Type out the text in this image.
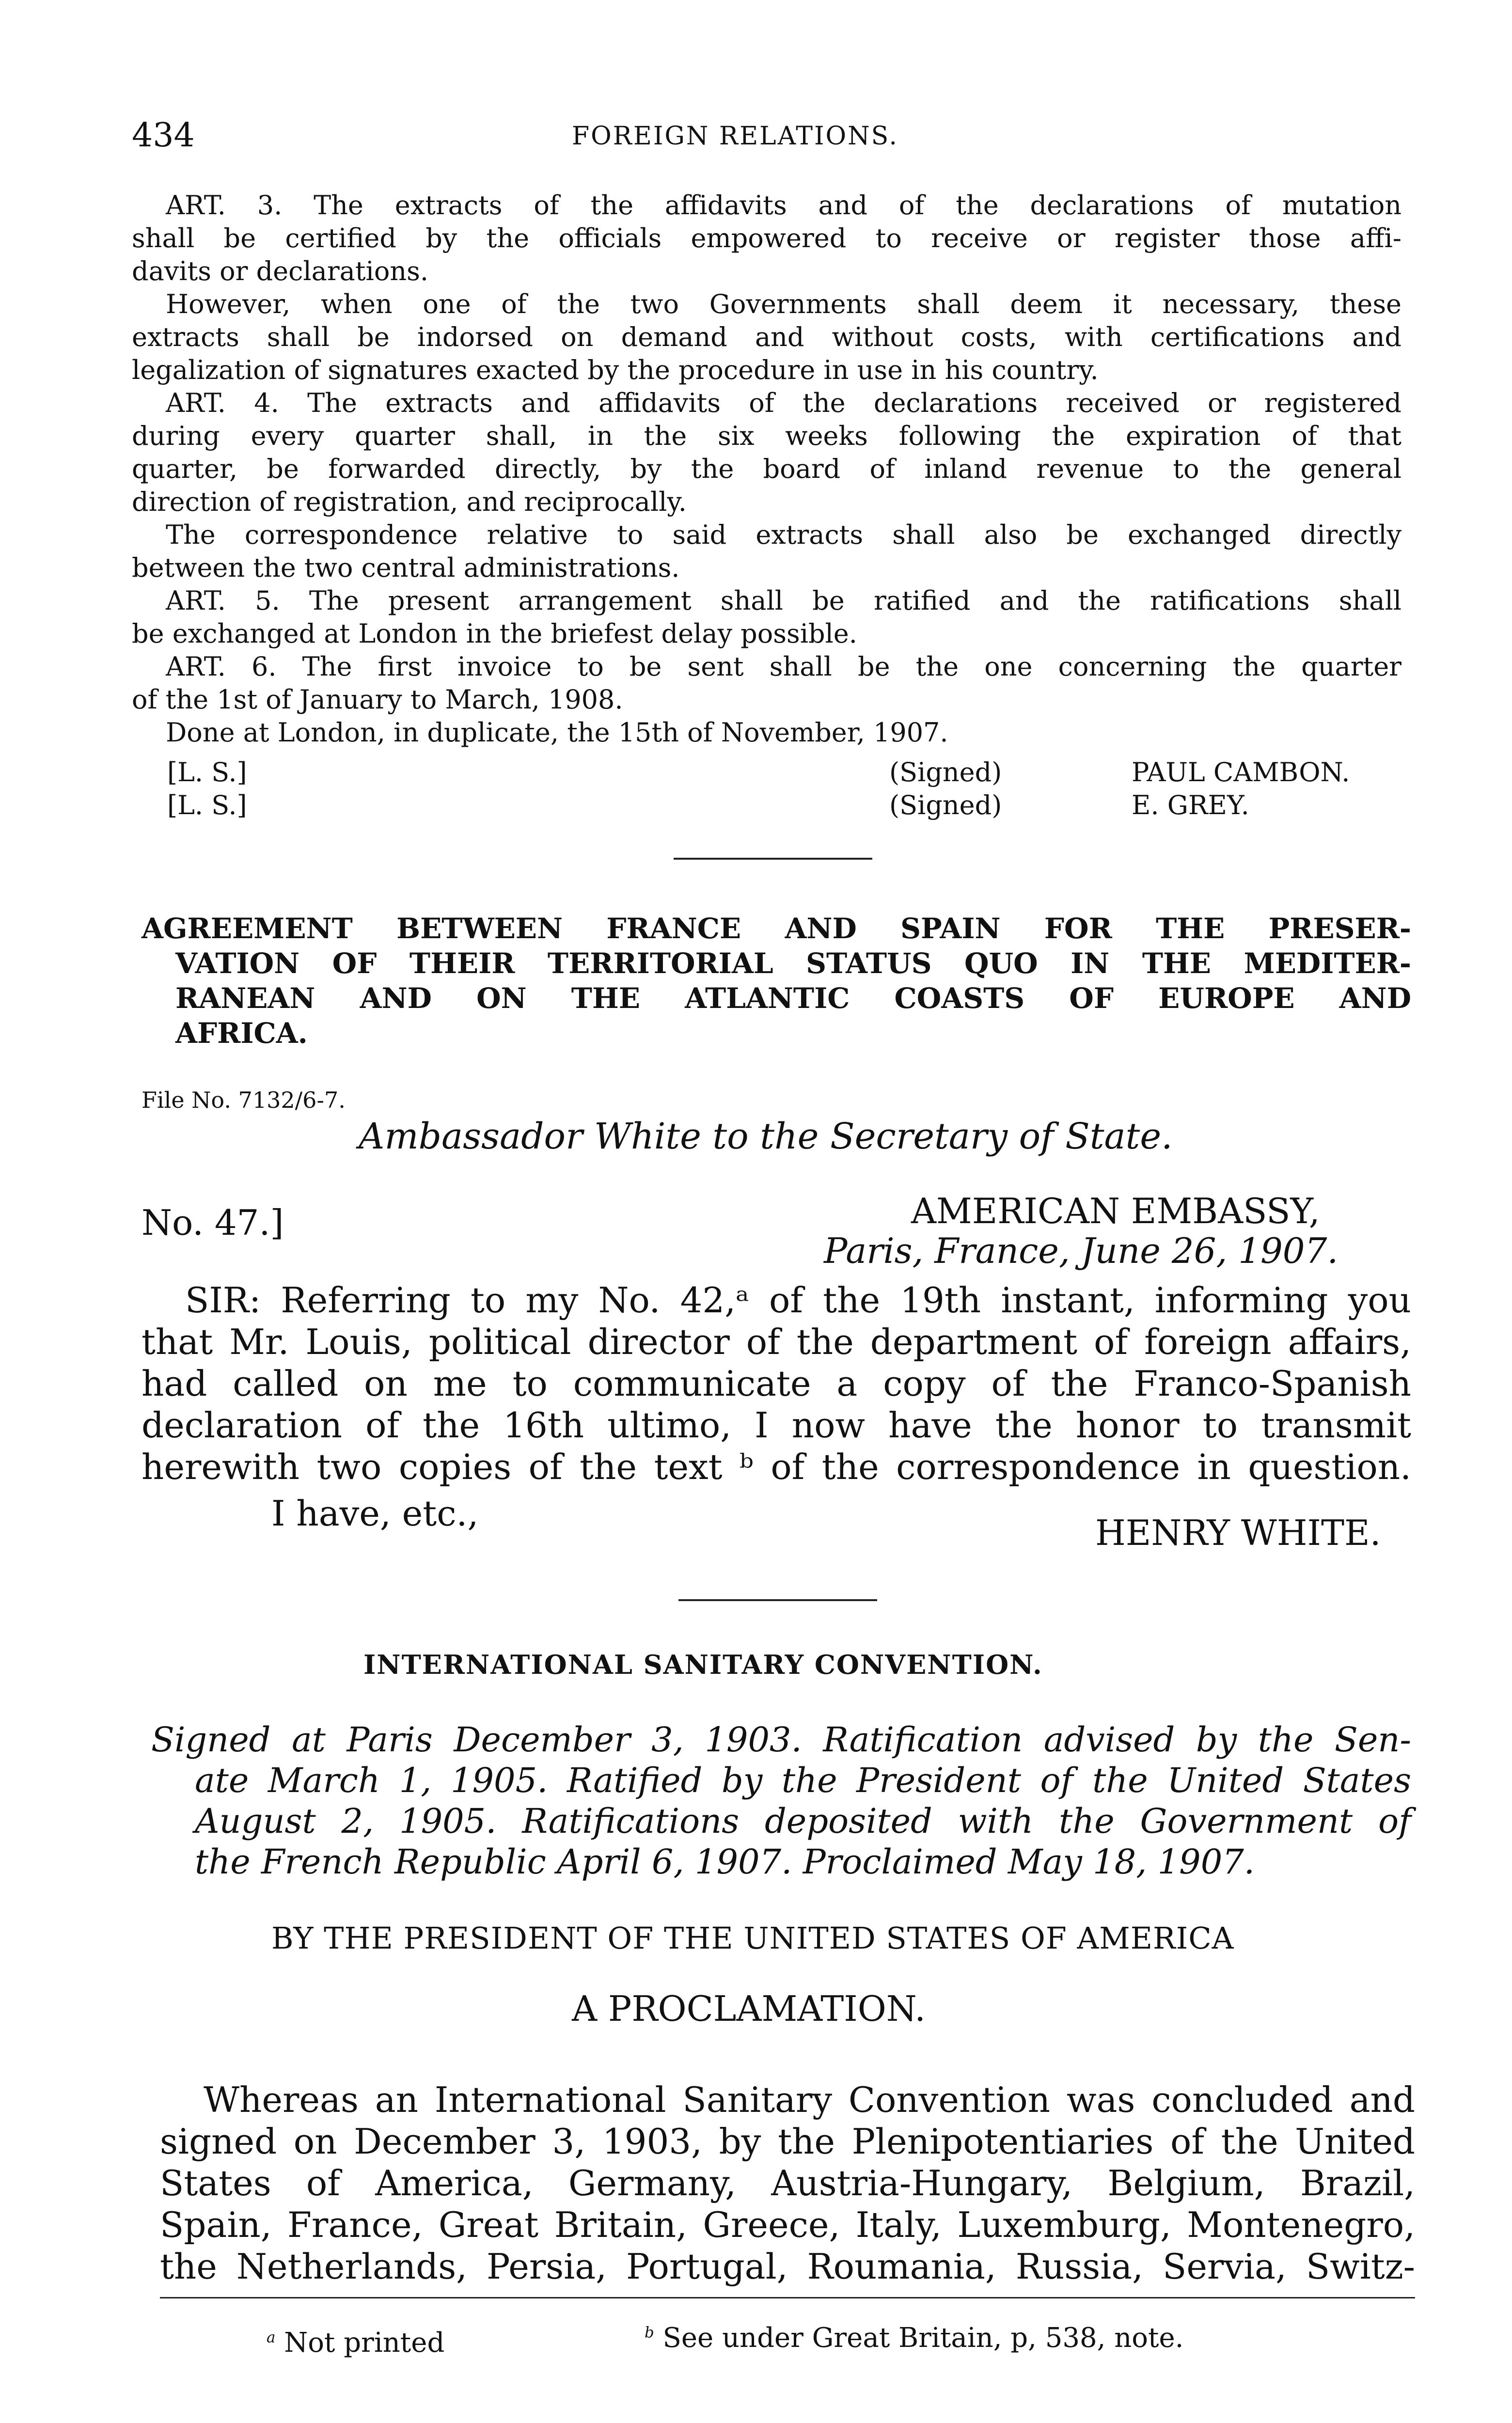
434	FOREIGN RELATIONS.
ART. 3. The extracts of the affidavits and of the declarations of mutation
shall be certified by the officials empowered to receive or register those affi-
davits or declarations.
However, when one of the two Governments shall deem it necessary, these
extracts shall be indorsed on demand and without costs, with certifications and
legalization of signatures exacted by the procedure in use in his country.
ART. 4. The extracts and affidavits of the declarations received or registered
during every quarter shall, in the six weeks following the expiration of that
quarter, be forwarded directly, by the board of inland revenue to the general
direction of registration, and reciprocally.
The correspondence relative to said extracts shall also be exchanged directly
between the two central administrations.
ART. 5. The present arrangement shall be ratified and the ratifications shall
be exchanged at London in the briefest delay possible.
ART. 6. The first invoice to be sent shall be the one concerning the quarter
of the 1st of January to March, 1908.
Done at London, in duplicate, the 15th of November, 1907.
[L. S.]	(Signed)	PAUL CAMBON.
[L. S.]	(Signed)	E. GREY.
AGREEMENT BETWEEN FRANCE AND SPAIN FOR THE PRESER-
VATION OF THEIR TERRITORIAL STATUS QUO IN THE MEDITER-
RANEAN AND ON THE ATLANTIC COASTS OF EUROPE AND
AFRICA.
File No. 7132/6-7.
Ambassador White to the Secretary of State.
No. 47.]	AMERICAN EMBASSY,
Paris, France, June 26, 1907.
SIR: Referring to my No. 42,ᵃ of the 19th instant, informing you
that Mr. Louis, political director of the department of foreign affairs,
had called on me to communicate a copy of the Franco-Spanish
declaration of the 16th ultimo, I now have the honor to transmit
herewith two copies of the text ᵇ of the correspondence in question.
I have, etc.,	HENRY WHITE.
INTERNATIONAL SANITARY CONVENTION.
Signed at Paris December 3, 1903. Ratification advised by the Sen-
ate March 1, 1905. Ratified by the President of the United States
August 2, 1905. Ratifications deposited with the Government of
the French Republic April 6, 1907. Proclaimed May 18, 1907.
BY THE PRESIDENT OF THE UNITED STATES OF AMERICA
A PROCLAMATION.
Whereas an International Sanitary Convention was concluded and
signed on December 3, 1903, by the Plenipotentiaries of the United
States of America, Germany, Austria-Hungary, Belgium, Brazil,
Spain, France, Great Britain, Greece, Italy, Luxemburg, Montenegro,
the Netherlands, Persia, Portugal, Roumania, Russia, Servia, Switz-
$^a$ Not printed	$^b$ See under Great Britain, p, 538, note.
